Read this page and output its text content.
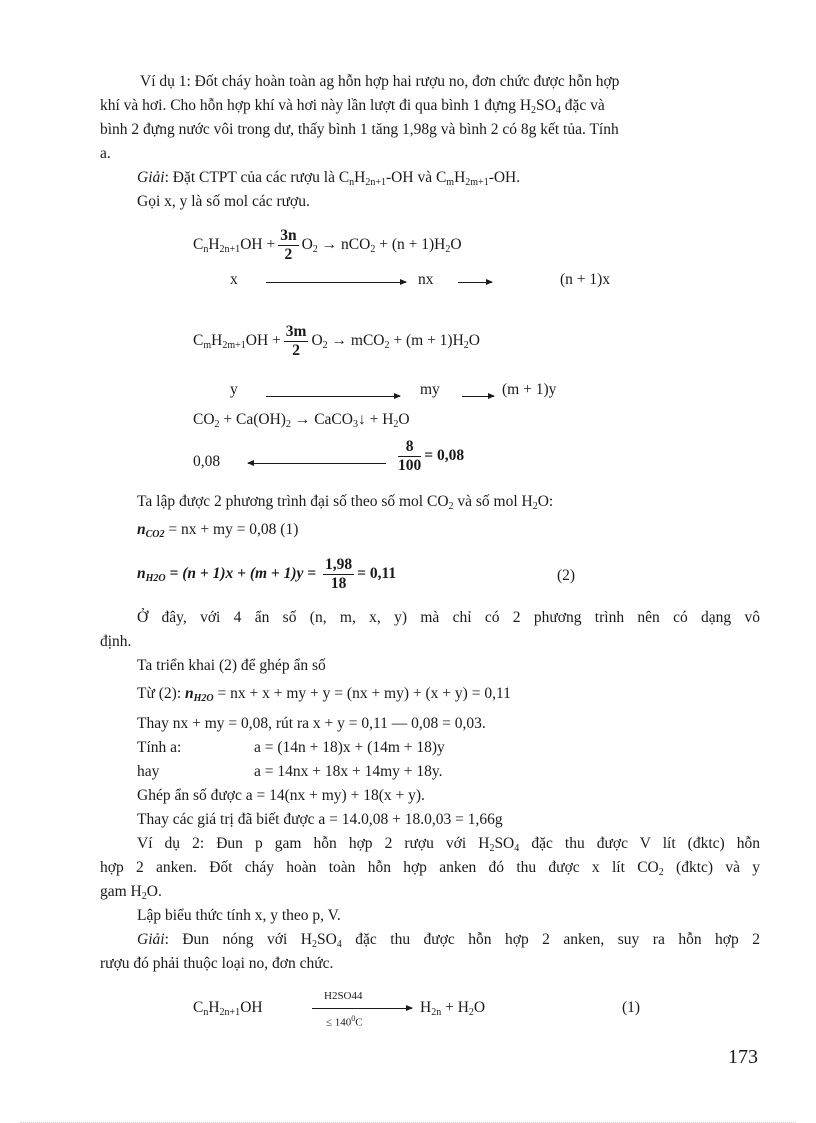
Ví dụ 1: Đốt cháy hoàn toàn ag hỗn hợp hai rượu no, đơn chức được hỗn hợp
khí và hơi. Cho hỗn hợp khí và hơi này lần lượt đi qua bình 1 đựng $H_2SO_4$ đặc và
bình 2 đựng nước vôi trong dư, thấy bình 1 tăng 1,98g và bình 2 có 8g kết tủa. Tính
a.
Giải: Đặt CTPT của các rượu là $C_nH_{2n+1}-OH$ và $C_mH_{2m+1}-OH$.
Gọi x, y là số mol các rượu.
$C_nH_{2n+1}OH + \frac{3n}{2} O_2 \to nCO_2 + (n + 1)H_2O$
x	nx	(n + 1)x
$C_mH_{2m+1}OH + \frac{3m}{2} O_2 \to mCO_2 + (m + 1)H_2O$
y	my	(m + 1)y
$CO_2 + Ca(OH)_2$ → CaCO$_3$↓ + $H_2O$
0,08	$\frac{8}{100} = 0,08$
Ta lập được 2 phương trình đại số theo số mol $CO_2$ và số mol $H_2O$:
$n_{CO2}$ = nx + my = 0,08 (1)
$n_{H2O} = (n + 1)x + (m + 1)y = \frac{1,98}{18} = 0,11$	(2)
Ở đây, với 4 ẩn số (n, m, x, y) mà chỉ có 2 phương trình nên có dạng vô
định.
Ta triển khai (2) để ghép ẩn số
Từ (2): $n_{H2O}$ = nx + x + my + y = (nx + my) + (x + y) = 0,11
Thay nx + my = 0,08, rút ra x + y = 0,11 — 0,08 = 0,03.
Tính a:	a = (14n + 18)x + (14m + 18)y
hay	a = 14nx + 18x + 14my + 18y.
Ghép ẩn số được a = 14(nx + my) + 18(x + y).
Thay các giá trị đã biết được a = 14.0,08 + 18.0,03 = 1,66g
Ví dụ 2: Đun p gam hỗn hợp 2 rượu với $H_2SO_4$ đặc thu được V lít (đktc) hỗn
hợp 2 anken. Đốt cháy hoàn toàn hỗn hợp anken đó thu được x lít $CO_2$ (đktc) và y
gam $H_2O$.
Lập biểu thức tính x, y theo p, V.
Giải: Đun nóng với $H_2SO_4$ đặc thu được hỗn hợp 2 anken, suy ra hỗn hợp 2
rượu đó phải thuộc loại no, đơn chức.
$C_nH_{2n+1}OH$
H2SO44
≤ $140^0C$
$H_{2n} + H_2O$	(1)
173
